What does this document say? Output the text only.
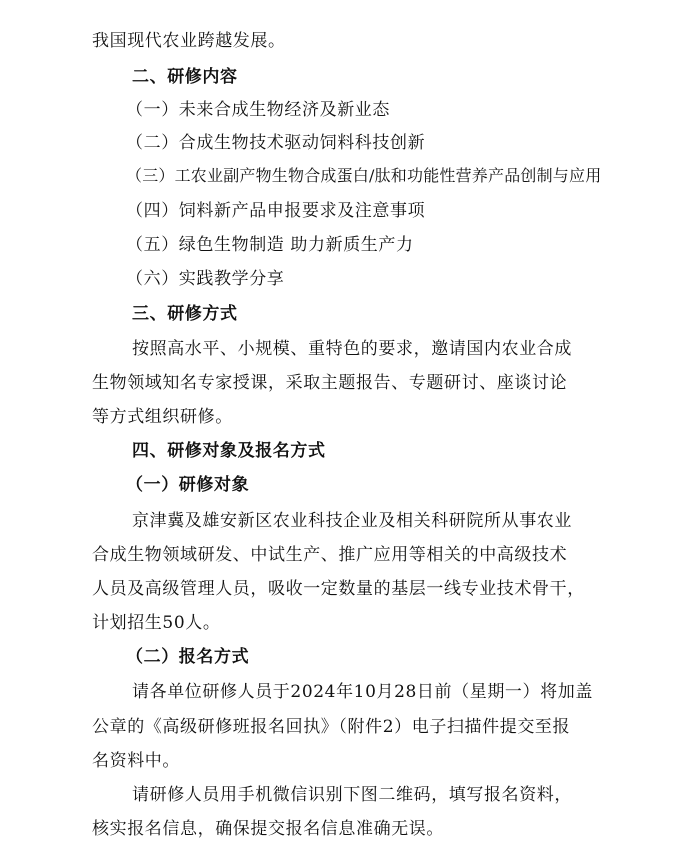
我国现代农业跨越发展。
二、研修内容
（一）未来合成生物经济及新业态
（二）合成生物技术驱动饲料科技创新
（三）工农业副产物生物合成蛋白/肽和功能性营养产品创制与应用
（四）饲料新产品申报要求及注意事项
（五）绿色生物制造 助力新质生产力
（六）实践教学分享
三、研修方式
按照高水平、小规模、重特色的要求，邀请国内农业合成
生物领域知名专家授课，采取主题报告、专题研讨、座谈讨论
等方式组织研修。
四、研修对象及报名方式
（一）研修对象
京津冀及雄安新区农业科技企业及相关科研院所从事农业
合成生物领域研发、中试生产、推广应用等相关的中高级技术
人员及高级管理人员，吸收一定数量的基层一线专业技术骨干，
计划招生50人。
（二）报名方式
请各单位研修人员于2024年10月28日前（星期一）将加盖
公章的《高级研修班报名回执》（附件2）电子扫描件提交至报
名资料中。
请研修人员用手机微信识别下图二维码，填写报名资料，
核实报名信息，确保提交报名信息准确无误。
